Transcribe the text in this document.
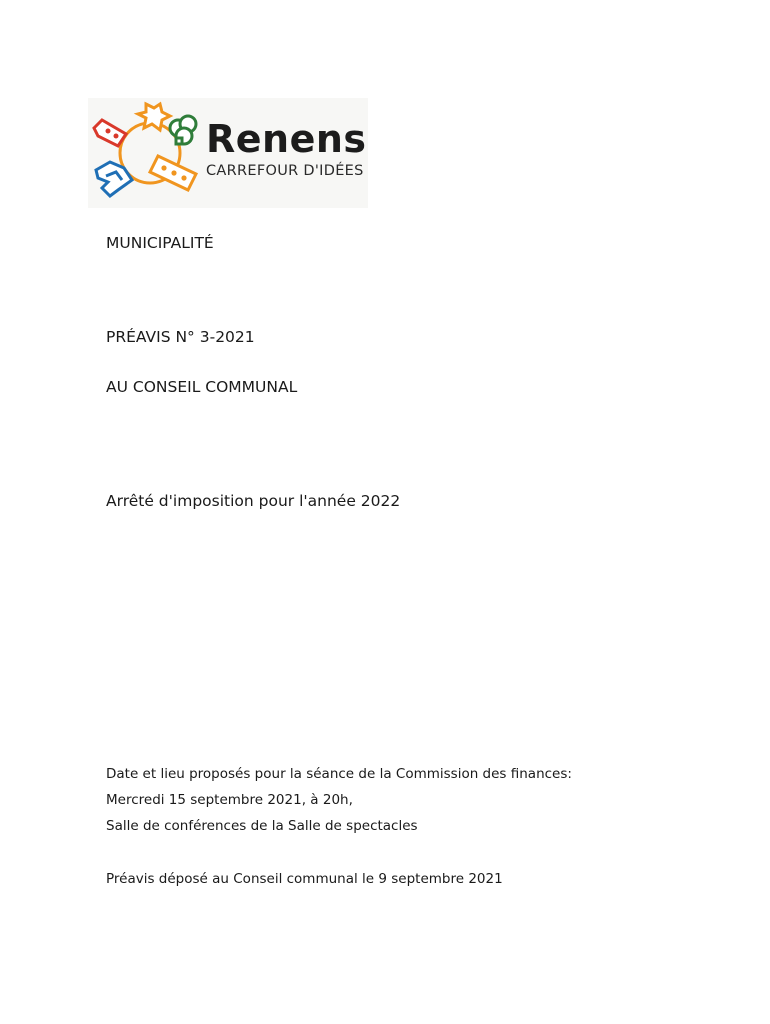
Renens
CARREFOUR D'IDÉES
MUNICIPALITÉ
PRÉAVIS N° 3-2021
AU CONSEIL COMMUNAL
Arrêté d'imposition pour l'année 2022
Date et lieu proposés pour la séance de la Commission des finances:
Mercredi 15 septembre 2021, à 20h,
Salle de conférences de la Salle de spectacles
Préavis déposé au Conseil communal le 9 septembre 2021
